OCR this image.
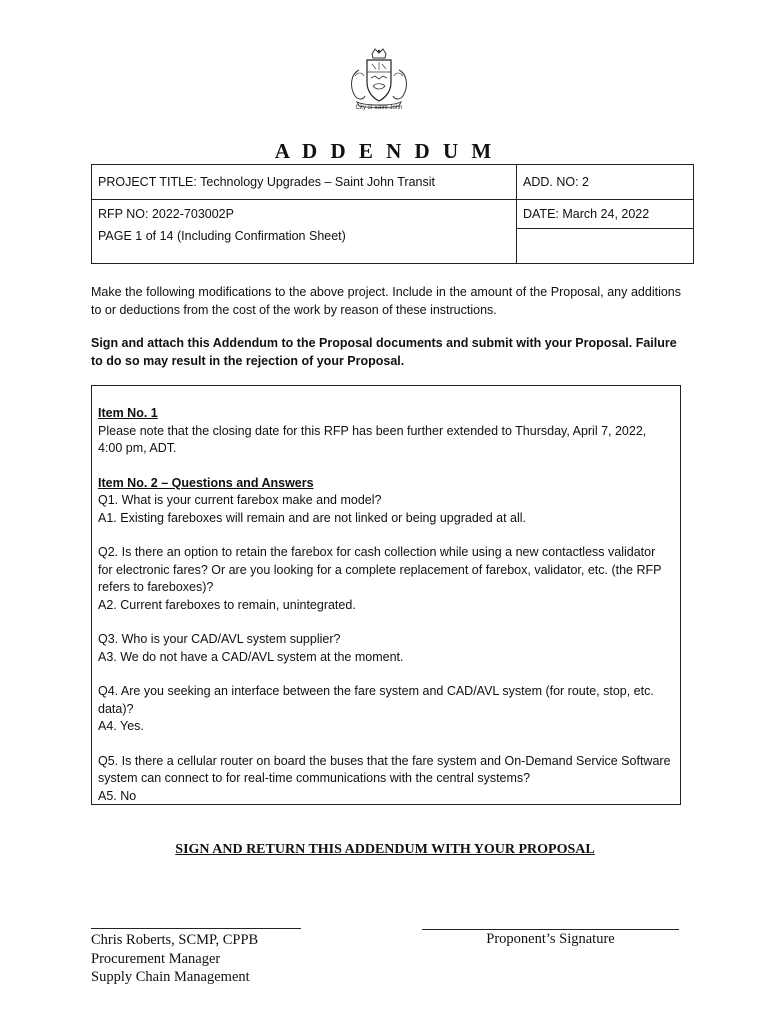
City of Saint John
A D D E N D U M
PROJECT TITLE: Technology Upgrades – Saint John Transit	ADD. NO: 2
RFP NO: 2022-703002P	DATE: March 24, 2022
PAGE 1 of 14 (Including Confirmation Sheet)	
Make the following modifications to the above project. Include in the amount of the Proposal, any additions to or deductions from the cost of the work by reason of these instructions.
Sign and attach this Addendum to the Proposal documents and submit with your Proposal. Failure to do so may result in the rejection of your Proposal.

Item No. 1

Please note that the closing date for this RFP has been further extended to Thursday, April 7, 2022, 4:00 pm, ADT.

Item No. 2 – Questions and Answers

Q1. What is your current farebox make and model?

A1. Existing fareboxes will remain and are not linked or being upgraded at all.

Q2. Is there an option to retain the farebox for cash collection while using a new contactless validator for electronic fares? Or are you looking for a complete replacement of farebox, validator, etc. (the RFP refers to fareboxes)?

A2. Current fareboxes to remain, unintegrated.

Q3. Who is your CAD/AVL system supplier?

A3. We do not have a CAD/AVL system at the moment.

Q4. Are you seeking an interface between the fare system and CAD/AVL system (for route, stop, etc. data)?

A4. Yes.

Q5. Is there a cellular router on board the buses that the fare system and On-Demand Service Software system can connect to for real-time communications with the central systems?

A5. No

SIGN AND RETURN THIS ADDENDUM WITH YOUR PROPOSAL
Chris Roberts, SCMP, CPPB
Procurement Manager
Supply Chain Management
Proponent’s Signature
